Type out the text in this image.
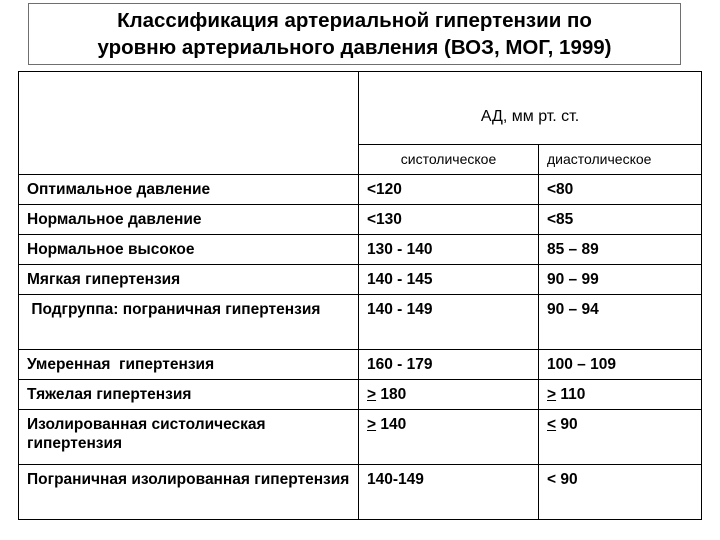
Классификация артериальной гипертензии по
уровню артериального давления (ВОЗ, МОГ, 1999)
	АД, мм рт. ст.	
	систолическое	диастолическое
Оптимальное давление	<120	<80
Нормальное давление	<130	<85
Нормальное высокое	130 - 140	85 – 89
Мягкая гипертензия	140 - 145	90 – 99
Подгруппа: пограничная гипертензия	140 - 149	90 – 94
Умеренная  гипертензия	160 - 179	100 – 109
Тяжелая гипертензия	> 180	> 110
Изолированная систолическая гипертензия	> 140	< 90
Пограничная изолированная гипертензия	140-149	< 90
